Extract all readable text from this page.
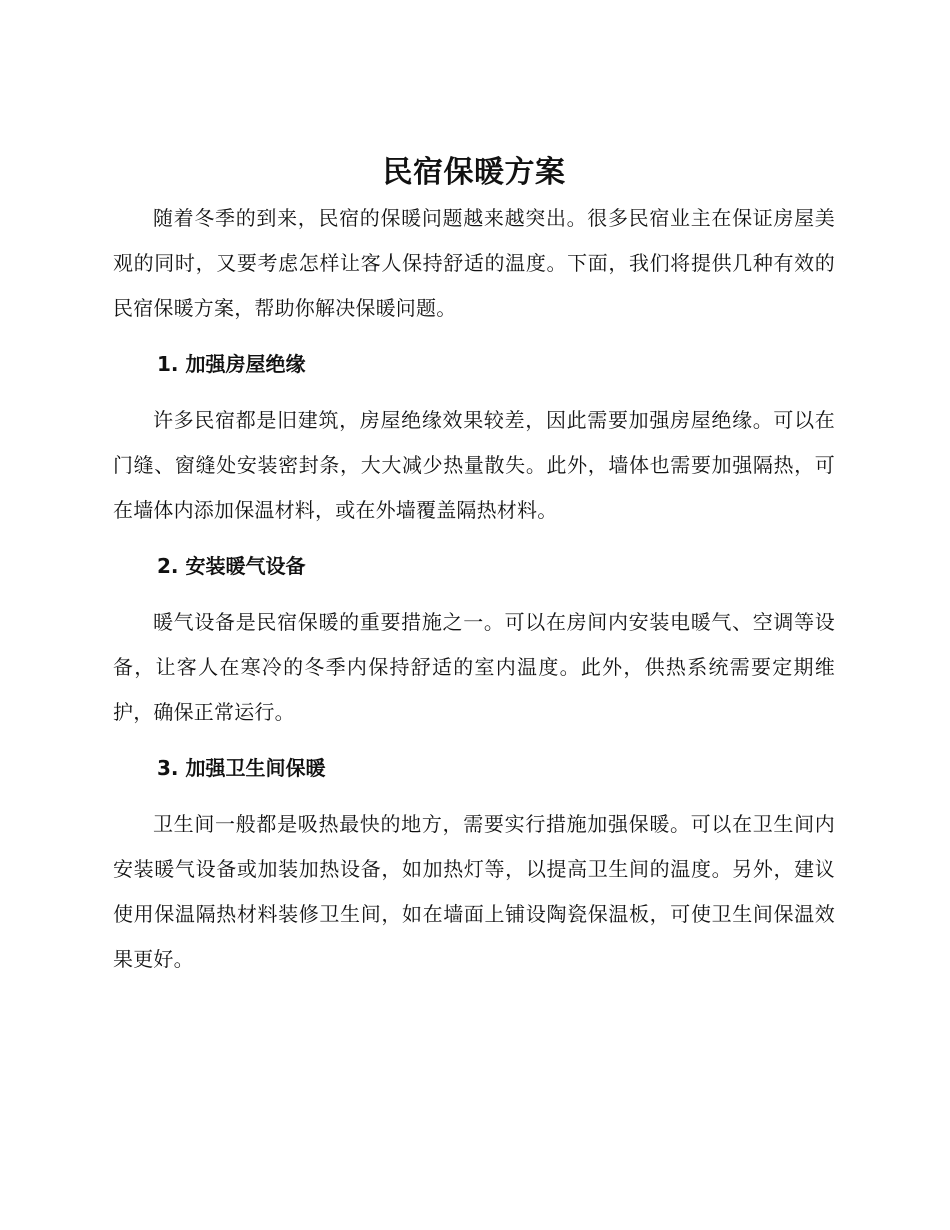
民宿保暖方案

随着冬季的到来，民宿的保暖问题越来越突出。很多民宿业主在保证房屋美观的同时，又要考虑怎样让客人保持舒适的温度。下面，我们将提供几种有效的民宿保暖方案，帮助你解决保暖问题。

1. 加强房屋绝缘

许多民宿都是旧建筑，房屋绝缘效果较差，因此需要加强房屋绝缘。可以在门缝、窗缝处安装密封条，大大减少热量散失。此外，墙体也需要加强隔热，可在墙体内添加保温材料，或在外墙覆盖隔热材料。

2. 安装暖气设备

暖气设备是民宿保暖的重要措施之一。可以在房间内安装电暖气、空调等设备，让客人在寒冷的冬季内保持舒适的室内温度。此外，供热系统需要定期维护，确保正常运行。

3. 加强卫生间保暖

卫生间一般都是吸热最快的地方，需要实行措施加强保暖。可以在卫生间内安装暖气设备或加装加热设备，如加热灯等，以提高卫生间的温度。另外，建议使用保温隔热材料装修卫生间，如在墙面上铺设陶瓷保温板，可使卫生间保温效果更好。
